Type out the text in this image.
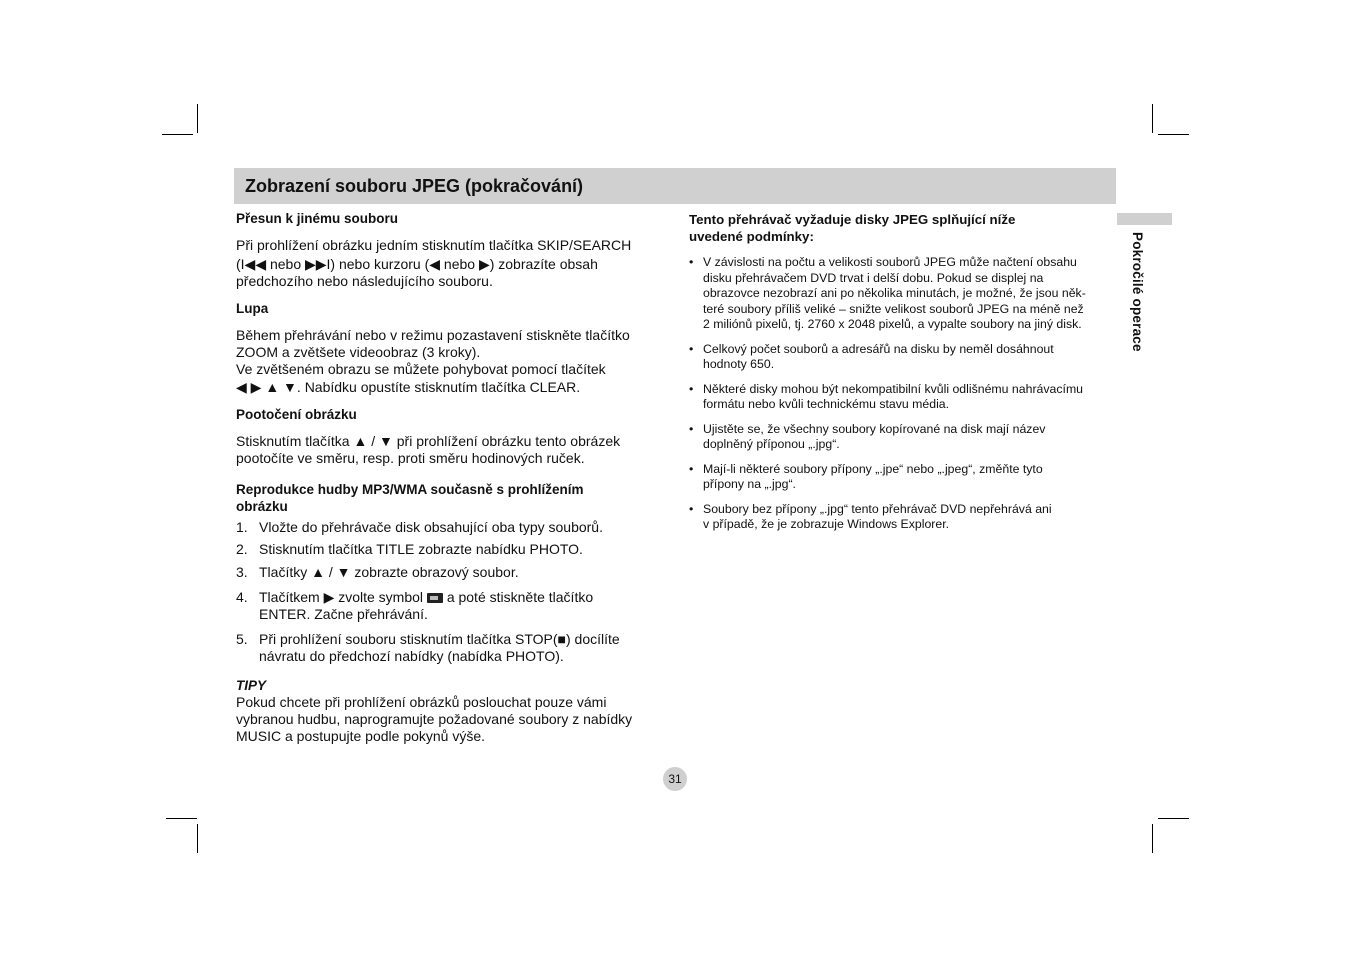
Zobrazení souboru JPEG (pokračování)
Pokročilé operace
Přesun k jinému souboru

Při prohlížení obrázku jedním stisknutím tlačítka SKIP/SEARCH

(I◀◀ nebo ▶▶I) nebo kurzoru (◀ nebo ▶) zobrazíte obsah

předchozího nebo následujícího souboru.

Lupa

Během přehrávání nebo v režimu pozastavení stiskněte tlačítko

ZOOM a zvětšete videoobraz (3 kroky).

Ve zvětšeném obrazu se můžete pohybovat pomocí tlačítek

◀ ▶ ▲ ▼. Nabídku opustíte stisknutím tlačítka CLEAR.

Pootočení obrázku

Stisknutím tlačítka ▲ / ▼ při prohlížení obrázku tento obrázek

pootočíte ve směru, resp. proti směru hodinových ruček.

Reprodukce hudby MP3/WMA současně s prohlížením
obrázku
1. Vložte do přehrávače disk obsahující oba typy souborů.
2. Stisknutím tlačítka TITLE zobrazte nabídku PHOTO.
3. Tlačítky ▲ / ▼ zobrazte obrazový soubor.
4. Tlačítkem ▶ zvolte symbol a poté stiskněte tlačítko
ENTER. Začne přehrávání.
5. Při prohlížení souboru stisknutím tlačítka STOP(■) docílíte
návratu do předchozí nabídky (nabídka PHOTO).

TIPY

Pokud chcete při prohlížení obrázků poslouchat pouze vámi

vybranou hudbu, naprogramujte požadované soubory z nabídky

MUSIC a postupujte podle pokynů výše.

Tento přehrávač vyžaduje disky JPEG splňující níže
uvedené podmínky:
• V závislosti na počtu a velikosti souborů JPEG může načtení obsahu
disku přehrávačem DVD trvat i delší dobu. Pokud se displej na
obrazovce nezobrazí ani po několika minutách, je možné, že jsou něk-
teré soubory příliš veliké – snižte velikost souborů JPEG na méně než
2 miliónů pixelů, tj. 2760 x 2048 pixelů, a vypalte soubory na jiný disk.
• Celkový počet souborů a adresářů na disku by neměl dosáhnout
hodnoty 650.
• Některé disky mohou být nekompatibilní kvůli odlišnému nahrávacímu
formátu nebo kvůli technickému stavu média.
• Ujistěte se, že všechny soubory kopírované na disk mají název
doplněný příponou „.jpg“.
• Mají-li některé soubory přípony „.jpe“ nebo „.jpeg“, změňte tyto
přípony na „.jpg“.
• Soubory bez přípony „.jpg“ tento přehrávač DVD nepřehrává ani
v případě, že je zobrazuje Windows Explorer.
31
